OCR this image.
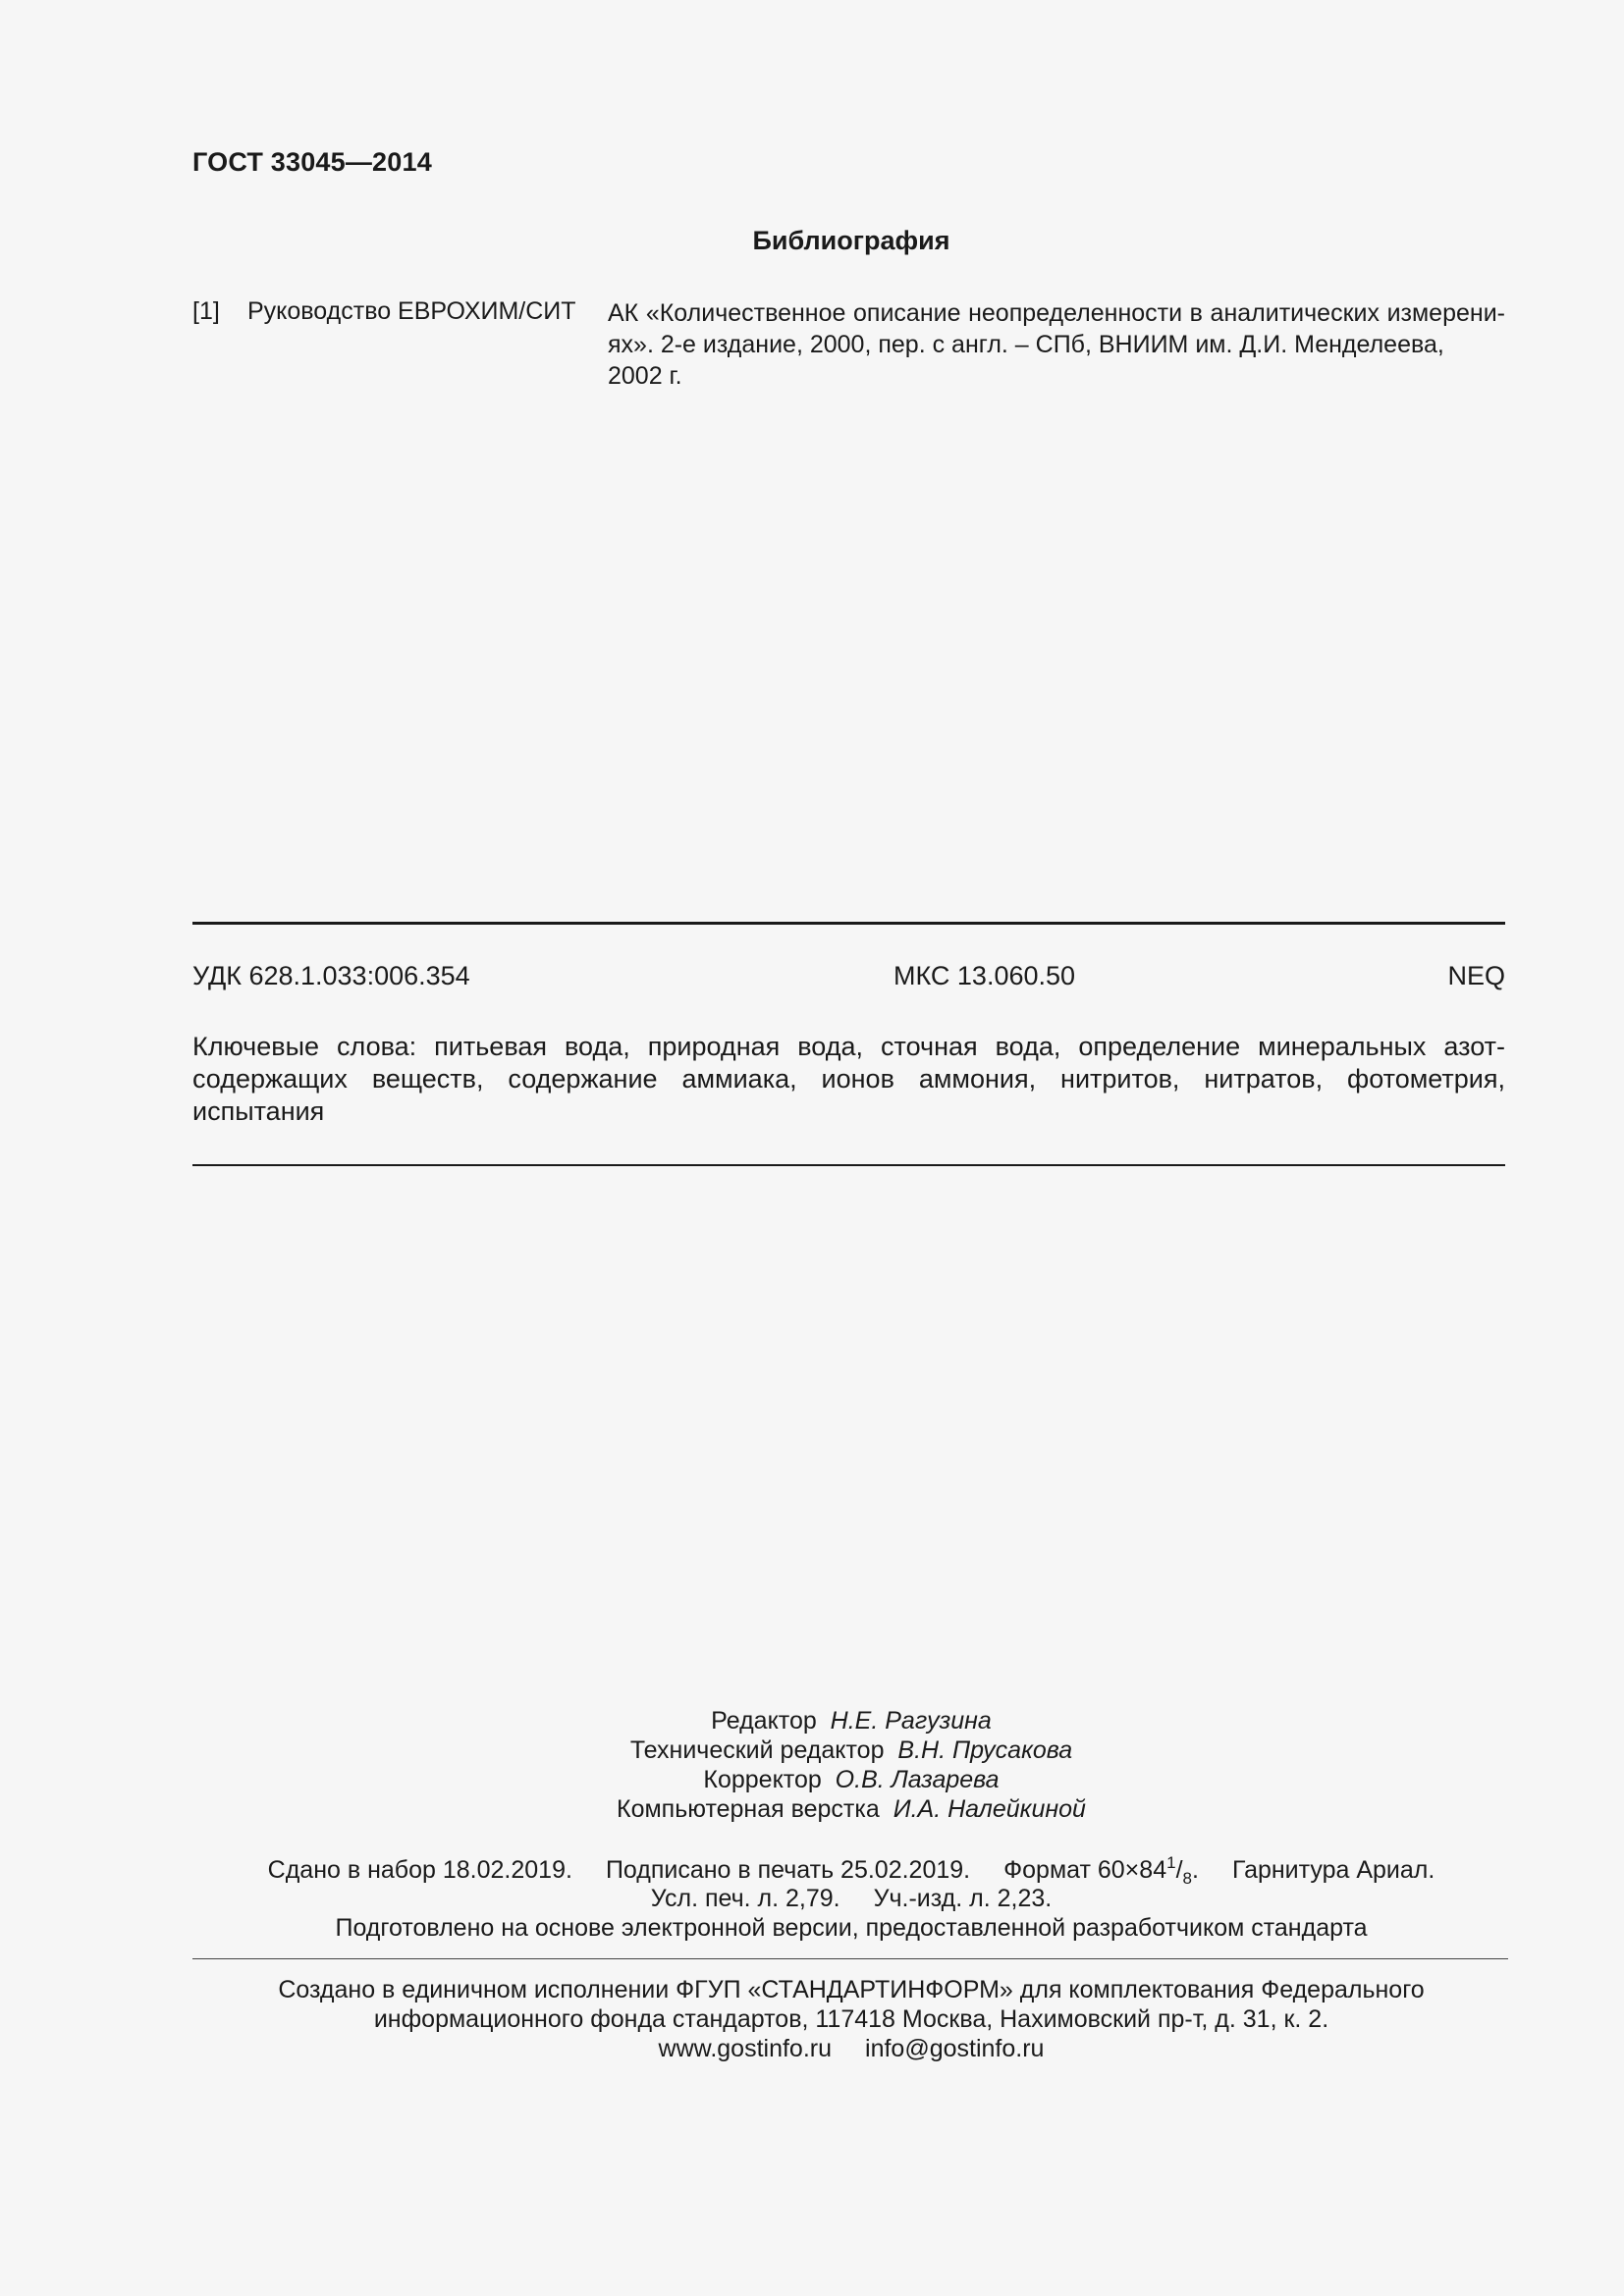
ГОСТ 33045—2014
Библиография
[1] Руководство ЕВРОХИМ/СИТ АК «Количественное описание неопределенности в аналитических измерени-
ях». 2-е издание, 2000, пер. с англ. – СПб, ВНИИМ им. Д.И. Менделеева, 2002 г.
УДК 628.1.033:006.354	МКС 13.060.50	NEQ
Ключевые слова: питьевая вода, природная вода, сточная вода, определение минеральных азот-содержащих веществ, содержание аммиака, ионов аммония, нитритов, нитратов, фотометрия, испытания
Редактор Н.Е. Рагузина
Технический редактор В.Н. Прусакова
Корректор О.В. Лазарева
Компьютерная верстка И.А. Налейкиной
Сдано в набор 18.02.2019. Подписано в печать 25.02.2019. Формат $60\times 84^1/_8$. Гарнитура Ариал.
Усл. печ. л. 2,79. Уч.-изд. л. 2,23.
Подготовлено на основе электронной версии, предоставленной разработчиком стандарта
Создано в единичном исполнении ФГУП «СТАНДАРТИНФОРМ» для комплектования Федерального
информационного фонда стандартов, 117418 Москва, Нахимовский пр-т, д. 31, к. 2.
www.gostinfo.ru info@gostinfo.ru
